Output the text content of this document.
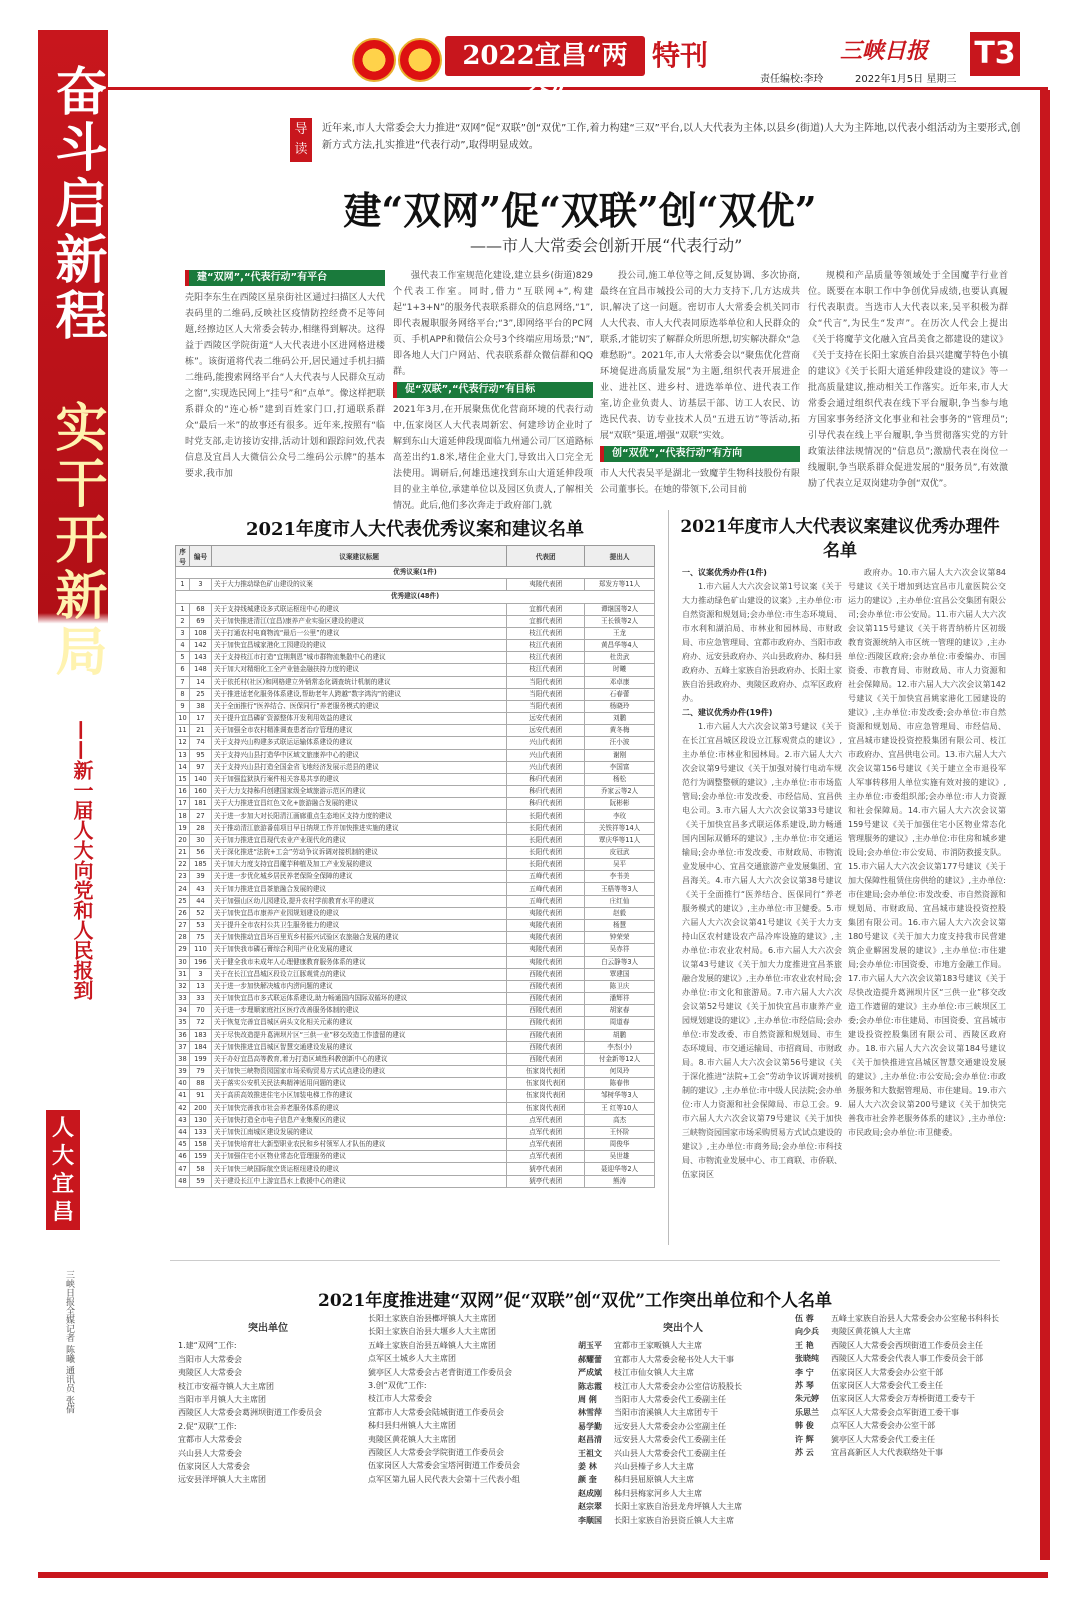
2022宜昌“两会”
特刊	三峡日报 T3
责任编校:李玲	2022年1月5日 星期三
奋斗启新程
实干开新局
——新一届人大向党和人民报到
人大宜昌
三峡日报全媒记者 陈曦 通讯员 张倩
导读
近年来,市人大常委会大力推进“双网”促“双联”创“双优”工作,着力构建“三双”平台,以人大代表为主体,以县乡(街道)人大为主阵地,以代表小组活动为主要形式,创新方式方法,扎实推进“代表行动”,取得明显成效。
建“双网”促“双联”创“双优”
——市人大常委会创新开展“代表行动”
建“双网”,“代表行动”有平台
壳阳李东生在西陵区星泉街社区通过扫描区人大代表码里的二维码,反映社区疫情防控经费不足等问题,经擦边区人大常委会转办,相继得到解决。这得益于西陵区学院街道“人大代表进小区进网格进楼栋”。该街道将代表二维码公开,居民通过手机扫描二维码,能搜索网络平台“人大代表与人民群众互动之窗”,实现选民网上“挂号”和“点单”。像这样把联系群众的“连心桥”建到百姓家门口,打通联系群众“最后一米”的故事还有很多。近年来,按照有“临时党支部,走访接访安排,活动计划和跟踪问效,代表信息及宜昌人大微信公众号二维码公示牌”的基本要求,我市加
强代表工作室规范化建设,建立县乡(街道)829个代表工作室。同时,借力“互联网+”,构建起“1+3+N”的服务代表联系群众的信息网络,“1”,即代表履职服务网络平台;“3”,即网络平台的PC网页、手机APP和微信公众号3个终端应用场景;“N”,即各地人大门户网站、代表联系群众微信群和QQ群。
促“双联”,“代表行动”有目标
2021年3月,在开展聚焦优化营商环境的代表行动中,伍家岗区人大代表周新宏、何建珍访企业时了解到东山大道延伸段现面临九州通公司厂区道路标高差出约1.8米,堵住企业大门,导致出入口完全无法使用。调研后,何雄迅速找到东山大道延伸段项目的业主单位,承建单位以及园区负责人,了解相关情况。此后,他们多次奔走于政府部门,就
投公司,施工单位等之间,反复协调、多次协商,最终在宜昌市城投公司的大力支持下,几方达成共识,解决了这一问题。密切市人大常委会机关同市人大代表、市人大代表同原选举单位和人民群众的联系,才能切实了解群众所思所想,切实解决群众“急难愁盼”。2021年,市人大常委会以“聚焦优化营商环境促进高质量发展”为主题,组织代表开展进企业、进社区、进乡村、进选举单位、进代表工作室,访企业负责人、访基层干部、访工人农民、访选民代表、访专业技术人员“五进五访”等活动,拓展“双联”渠道,增强“双联”实效。
创“双优”,“代表行动”有方向
市人大代表吴平是湖北一致魔芋生物科技股份有限公司董事长。在她的带领下,公司目前
规模和产品质量等领域处于全国魔芋行业首位。既要在本职工作中争创优异成绩,也要认真履行代表职责。当选市人大代表以来,吴平积极为群众“代言”,为民生“发声”。在历次人代会上提出《关于将魔芋文化融入宜昌美食之都建设的建议》《关于支持在长阳土家族自治县兴建魔芋特色小镇的建议》《关于长阳大道延伸段建设的建议》等一批高质量建议,推动相关工作落实。近年来,市人大常委会通过组织代表在线下平台履职,争当参与地方国家事务经济文化事业和社会事务的“管理员”;引导代表在线上平台履职,争当贯彻落实党的方针政策法律法规情况的“信息员”;激励代表在岗位一线履职,争当联系群众促进发展的“服务员”,有效激励了代表立足双岗建功争创“双优”。
2021年度市人大代表优秀议案和建议名单
序号	编号	议案建议标题	代表团	提出人
优秀议案(1件)				
1	3	关于大力推动绿色矿山建设的议案	夷陵代表团	郑发方等11人
优秀建议(48件)				
1	68	关于支持线城建设多式联运枢纽中心的建议	宜都代表团	谭继国等2人
2	69	关于加快推进清江(宜昌)康养产业实验区建设的建议	宜都代表团	王长锁等2人
3	108	关于打通农村电商物流“最后一公里”的建议	枝江代表团	王龙
4	142	关于加快宜昌城家港化工园建设的建议	枝江代表团	黄昌华等4人
5	143	关于支持枝江市打造“宜荆荆恩”城市群物流集散中心的建议	枝江代表团	杜贵武
6	148	关于加大对精细化工全产业链金融扶持力度的建议	枝江代表团	时曦
7	14	关于依托村(社区)和网格建立外销常态化调查统计机制的建议	当阳代表团	邓卓康
8	25	关于推进适老化服务体系建设,帮助老年人跨越“数字鸿沟”的建议	当阳代表团	石春蕾
9	38	关于全面推行“医养结合、医保同行”养老服务模式的建议	当阳代表团	杨晓玲
10	17	关于提升宜昌磷矿资源整体开发利用效益的建议	远安代表团	刘鹏
11	21	关于加强全市农村精准调查患者治疗管理的建议	远安代表团	黄冬梅
12	74	关于支持兴山构建多式联运运输体系建设的建议	兴山代表团	汪小波
13	95	关于支持兴山县打造华中区域文旅康养中心的建议	兴山代表团	谢刚
14	97	关于支持兴山县打造全国金省飞地经济发展示范县的建议	兴山代表团	李国富
15	140	关于加强监狱执行案件相关容易共享的建议	秭归代表团	杨松
16	160	关于大力支持秭归创建国家级全域旅游示范区的建议	秭归代表团	乔家云等2人
17	181	关于大力推进宜昌红色文化+旅游融合发展的建议	秭归代表团	阮彬彬
18	27	关于进一步加大对长阳清江画廊重点生态地区支持力度的建议	长阳代表团	李玫
19	28	关于推动清江旅游番茄项目早日纳规工作并加快推进实施的建议	长阳代表团	关铁祥等14人
20	30	关于加力推进宜昌现代农业产业现代化的建议	长阳代表团	覃庆华等11人
21	56	关于深化推进“法院+工会”劳动争议诉调对接机制的建议	长阳代表团	皮冠武
22	185	关于加大力度支持宜昌魔芋种植及加工产业发展的建议	长阳代表团	吴平
23	39	关于进一步优化城乡居民养老保险全保障的建议	五峰代表团	李书美
24	43	关于加力推进宜昌茶旅融合发展的建议	五峰代表团	王梧等等3人
25	44	关于加强山区幼儿园建设,提升农村学前教育水平的建议	五峰代表团	庄红仙
26	52	关于加快宜昌市康养产业园规划建设的建议	夷陵代表团	赵毅
27	53	关于提升全市农村公共卫生服务能力的建议	夷陵代表团	杨慧
28	75	关于加快推动宜昌环百里荒乡村振兴试验区农旅融合发展的建议	夷陵代表团	钟荣荣
29	110	关于加快我市磷石膏综合利用产业化发展的建议	夷陵代表团	吴赤祥
30	196	关于健全我市未成年人心理健康教育服务体系的建议	夷陵代表团	白云静等3人
31	3	关于在长江宜昌城区段设立江豚观赏点的建议	西陵代表团	覃建国
32	13	关于进一步加快解决城市内涝问题的建议	西陵代表团	陈卫庆
33	33	关于加快宜昌市多式联运体系建设,助力畅通国内国际双循环的建议	西陵代表团	潘辉祥
34	70	关于进一步理顺家庭社区医疗改善服务体制的建议	西陵代表团	胡家春
35	72	关于恢复完善宜昌城区码头文化相关元素的建议	西陵代表团	周道春
36	183	关于尽快改造提升葛洲坝片区“三供一业”移交改造工作遗留的建议	西陵代表团	胡鹏
37	184	关于加快推进宜昌城区智慧交通建设发展的建议	西陵代表团	李杰(小)
38	199	关于办好宜昌高等教育,着力打造区域性科教创新中心的建议	西陵代表团	付金新等12人
39	79	关于加快三峡物资园国家市场采购贸易方式试点建设的建议	伍家岗代表团	何凤玲
40	88	关于落实公安机关民法典精神适用问题的建议	伍家岗代表团	陈春伟
41	91	关于高质高效推进住宅小区加装电梯工作的建议	伍家岗代表团	邹树华等3人
42	200	关于加快完善我市社会养老服务体系的建议	伍家岗代表团	王 红等10人
43	130	关于加快打造全市电子信息产业集聚区的建议	点军代表团	高杰
44	133	关于加快江南城区建设发展的建议	点军代表团	王怀阶
45	158	关于加快培育壮大新型职业农民和乡村领军人才队伍的建议	点军代表团	周俊华
46	159	关于加强住宅小区物业常态化管理服务的建议	点军代表团	吴世雄
47	58	关于加快三峡国际航空货运枢纽建设的建议	猇亭代表团	聂迎华等2人
48	59	关于建设长江中上游宜昌水上救援中心的建议	猇亭代表团	熊涛
2021年度市人大代表议案建议优秀办理件名单
一、议案优秀办件(1件)
1.市六届人大六次会议第1号议案《关于大力推动绿色矿山建设的议案》,主办单位:市自然资源和规划局;会办单位:市生态环境局、市水利和湖泊局、市林业和园林局、市财政局、市应急管理局、宜都市政府办、当阳市政府办、远安县政府办、兴山县政府办、秭归县政府办、五峰土家族自治县政府办、长阳土家族自治县政府办、夷陵区政府办、点军区政府办。
二、建议优秀办件(19件)
1.市六届人大六次会议第3号建议《关于在长江宜昌城区段设立江豚观赏点的建议》,主办单位:市林业和园林局。2.市六届人大六次会议第9号建议《关于加强对骑行电动车规范行为调整整顿的建议》,主办单位:市市场监管局;会办单位:市发改委、市经信局、宜昌供电公司。3.市六届人大六次会议第33号建议《关于加快宜昌多式联运体系建设,助力畅通国内国际双循环的建议》,主办单位:市交通运输局;会办单位:市发改委、市财政局、市物流业发展中心、宜昌交通旅游产业发展集团、宜昌海关。4.市六届人大六次会议第38号建议《关于全面推行“医养结合、医保同行”养老服务模式的建议》,主办单位:市卫健委。5.市六届人大六次会议第41号建议《关于大力支持山区农村建设农产品冷库设施的建议》,主办单位:市农业农村局。6.市六届人大六次会议第43号建议《关于加大力度推进宜昌茶旅融合发展的建议》,主办单位:市农业农村局;会办单位:市文化和旅游局。7.市六届人大六次会议第52号建议《关于加快宜昌市康养产业园规划建设的建议》,主办单位:市经信局;会办单位:市发改委、市自然资源和规划局、市生态环境局、市交通运输局、市招商局、市财政局。8.市六届人大六次会议第56号建议《关于深化推进“法院+工会”劳动争议诉调对接机制的建议》,主办单位:市中级人民法院;会办单位:市人力资源和社会保障局、市总工会。9.市六届人大六次会议第79号建议《关于加快三峡物资园国家市场采购贸易方式试点建设的建议》,主办单位:市商务局;会办单位:市科技局、市物流业发展中心、市工商联、市侨联、伍家岗区
政府办。10.市六届人大六次会议第84号建议《关于增加到达宜昌市儿童医院公交运力的建议》,主办单位:宜昌公交集团有限公司;会办单位:市公安局。11.市六届人大六次会议第115号建议《关于将青纳桥片区初级教育资源统纳入市区统一管理的建议》,主办单位:西陵区政府;会办单位:市委编办、市国资委、市教育局、市财政局、市人力资源和社会保障局。12.市六届人大六次会议第142号建议《关于加快宜昌姚家港化工园建设的建议》,主办单位:市发改委;会办单位:市自然资源和规划局、市应急管理局、市经信局、宜昌城市建设投资控股集团有限公司、枝江市政府办、宜昌供电公司。13.市六届人大六次会议第156号建议《关于建立全市退役军人军事转移用人单位实施有效对接的建议》,主办单位:市委组织部;会办单位:市人力资源和社会保障局。14.市六届人大六次会议第159号建议《关于加强住宅小区物业常态化管理服务的建议》,主办单位:市住房和城乡建设局;会办单位:市公安局、市消防救援支队。15.市六届人大六次会议第177号建议《关于加大保障性租赁住房供给的建议》,主办单位:市住建局;会办单位:市发改委、市自然资源和规划局、市财政局、宜昌城市建设投资控股集团有限公司。16.市六届人大六次会议第180号建议《关于加大力度支持我市民营建筑企业解困发展的建议》,主办单位:市住建局;会办单位:市国资委、市地方金融工作局。17.市六届人大六次会议第183号建议《关于尽快改造提升葛洲坝片区“三供一业”移交改造工作遗留的建议》主办单位:市三峡坝区工委;会办单位:市住建局、市国资委、宜昌城市建设投资控股集团有限公司、西陵区政府办。18.市六届人大六次会议第184号建议《关于加快推进宜昌城区智慧交通建设发展的建议》,主办单位:市公安局;会办单位:市政务服务和大数据管理局、市住建局。19.市六届人大六次会议第200号建议《关于加快完善我市社会养老服务体系的建议》,主办单位:市民政局;会办单位:市卫健委。
2021年度推进建“双网”促“双联”创“双优”工作突出单位和个人名单
突出单位
1.建“双网”工作:
当阳市人大常委会
夷陵区人大常委会
枝江市安福寺镇人大主席团
当阳市半月镇人大主席团
西陵区人大常委会葛洲坝街道工作委员会
2.促“双联”工作:
宜都市人大常委会
兴山县人大常委会
伍家岗区人大常委会
远安县洋坪镇人大主席团
长阳土家族自治县榔坪镇人大主席团
长阳土家族自治县大堰乡人大主席团
五峰土家族自治县五峰镇人大主席团
点军区土城乡人大主席团
猇亭区人大常委会古老背街道工作委员会
3.创“双优”工作:
枝江市人大常委会
宜都市人大常委会陆城街道工作委员会
秭归县归州镇人大主席团
夷陵区黄花镇人大主席团
西陵区人大常委会学院街道工作委员会
伍家岗区人大常委会宝塔河街道工作委员会
点军区第九届人民代表大会第十三代表小组
突出个人
胡玉平 宜都市王家畈镇人大主席
郝耀蕾 宜都市人大常委会秘书处人大干事
严成斌 枝江市仙女镇人大主席
陈志霞 枝江市人大常委会办公室信访股股长
周 俐 当阳市人大常委会代工委副主任
林雪萍 当阳市淯溪镇人大主席团专干
易学勤 远安县人大常委会办公室副主任
赵昌清 远安县人大常委会代工委副主任
王祖文 兴山县人大常委会代工委副主任
姜 林 兴山县榛子乡人大主席
颜 奎 秭归县屈原镇人大主席
赵成刚 秭归县梅家河乡人大主席
赵宗翠 长阳土家族自治县龙舟坪镇人大主席
李顺国 长阳土家族自治县资丘镇人大主席
伍 蓉 五峰土家族自治县人大常委会办公室秘书科科长
向少兵 夷陵区黄花镇人大主席
王 艳 西陵区人大常委会西坝街道工作委员会主任
张晓纯 西陵区人大常委会代表人事工作委员会干部
李 宁 伍家岗区人大常委会办公室干部
苏 琴 伍家岗区人大常委会代工委主任
朱元婷 伍家岗区人大常委会万寿桥街道工委专干
乐思兰 点军区人大常委会点军街道工委干事
韩 俊 点军区人大常委会办公室干部
许 辉 猇亭区人大常委会代工委主任
苏 云 宜昌高新区人大代表联络处干事
